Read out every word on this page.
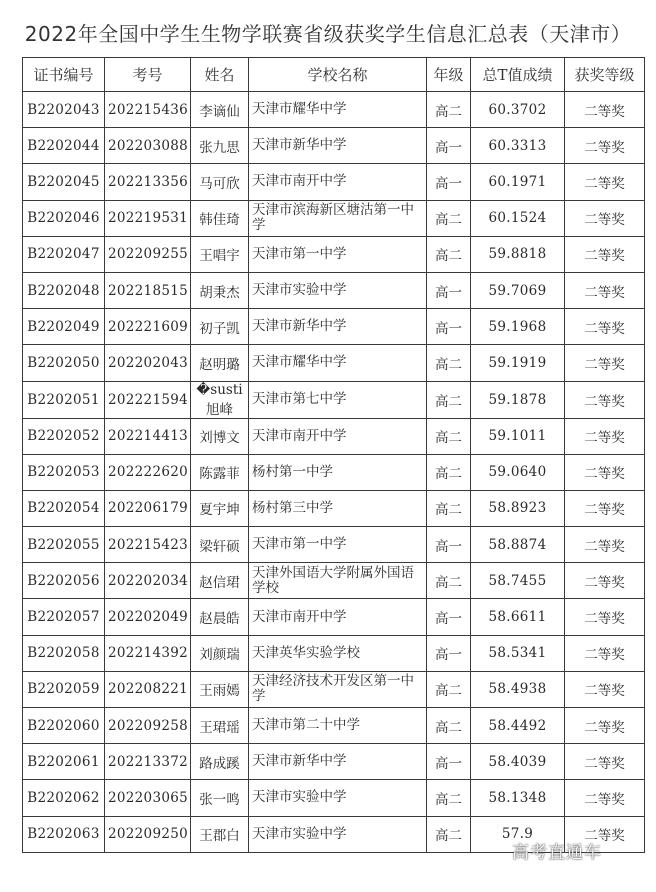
2022年全国中学生生物学联赛省级获奖学生信息汇总表（天津市）
证书编号	考号	姓名	学校名称	年级	总T值成绩	获奖等级
B2202043	202215436	李谪仙	天津市耀华中学	高二	60.3702	二等奖
B2202044	202203088	张九思	天津市新华中学	高一	60.3313	二等奖
B2202045	202213356	马可欣	天津市南开中学	高一	60.1971	二等奖
B2202046	202219531	韩佳琦	天津市滨海新区塘沽第一中学	高二	60.1524	二等奖
B2202047	202209255	王唱宇	天津市第一中学	高二	59.8818	二等奖
B2202048	202218515	胡秉杰	天津市实验中学	高一	59.7069	二等奖
B2202049	202221609	初子凯	天津市新华中学	高一	59.1968	二等奖
B2202050	202202043	赵明璐	天津市耀华中学	高二	59.1919	二等奖
B2202051	202221594	�susti旭峰	天津市第七中学	高二	59.1878	二等奖
B2202052	202214413	刘博文	天津市南开中学	高二	59.1011	二等奖
B2202053	202222620	陈露菲	杨村第一中学	高二	59.0640	二等奖
B2202054	202206179	夏宇坤	杨村第三中学	高二	58.8923	二等奖
B2202055	202215423	梁轩硕	天津市第一中学	高一	58.8874	二等奖
B2202056	202202034	赵信珺	天津外国语大学附属外国语学校	高二	58.7455	二等奖
B2202057	202202049	赵晨皓	天津市南开中学	高一	58.6611	二等奖
B2202058	202214392	刘颜瑞	天津英华实验学校	高一	58.5341	二等奖
B2202059	202208221	王雨嫣	天津经济技术开发区第一中学	高二	58.4938	二等奖
B2202060	202209258	王珺瑶	天津市第二十中学	高二	58.4492	二等奖
B2202061	202213372	路成蹊	天津市新华中学	高一	58.4039	二等奖
B2202062	202203065	张一鸣	天津市实验中学	高二	58.1348	二等奖
B2202063	202209250	王郡白	天津市实验中学	高二	57.9	二等奖
高考直通车
